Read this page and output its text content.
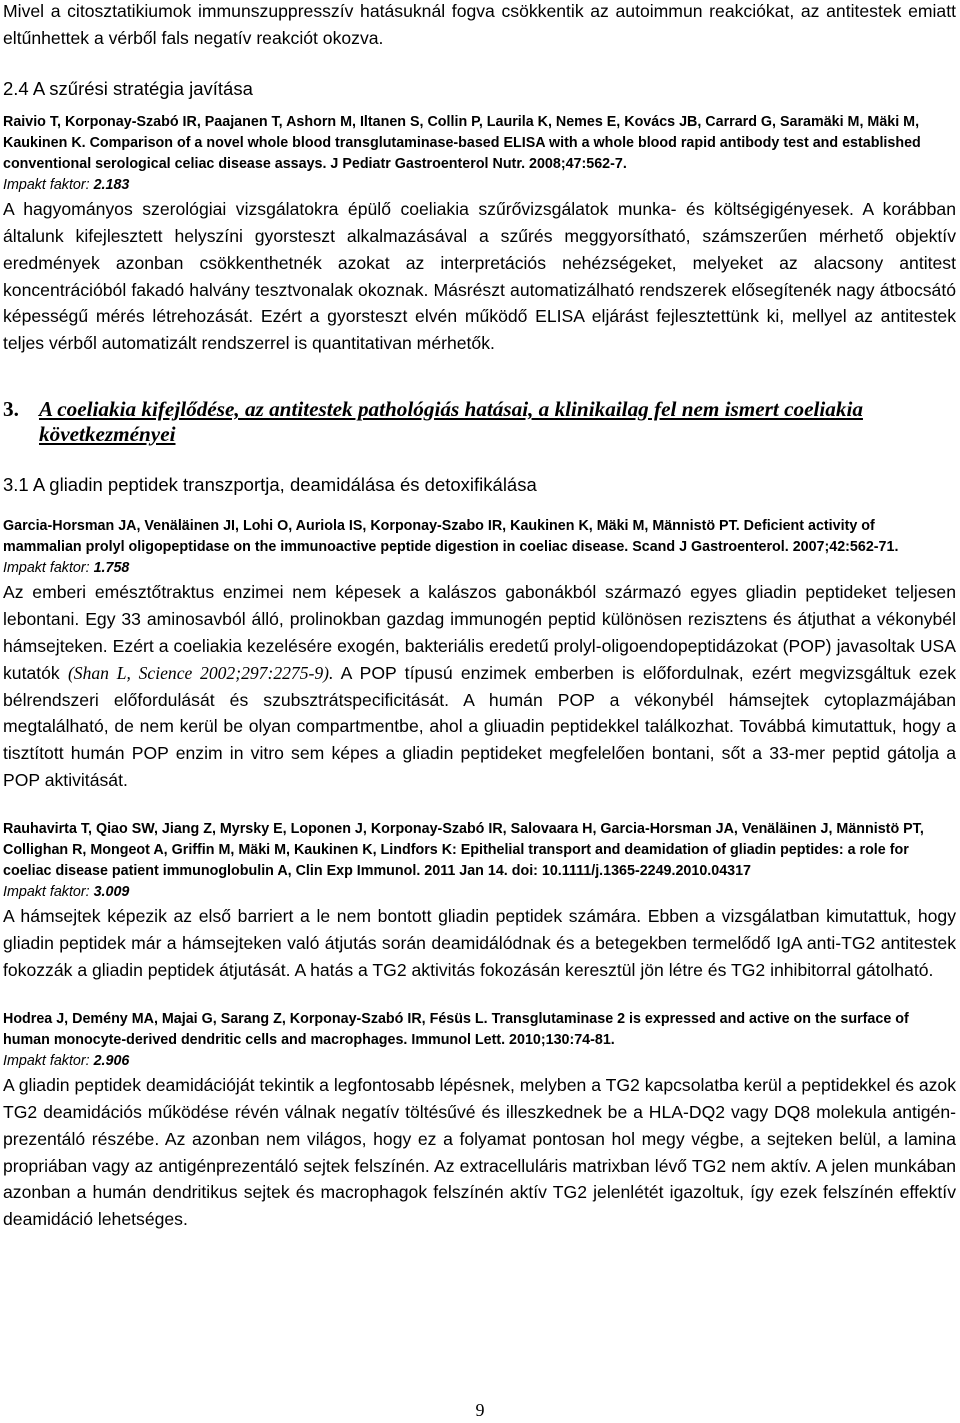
Mivel a citosztatikiumok immunszuppresszív hatásuknál fogva csökkentik az autoimmun reakciókat, az antitestek emiatt eltűnhettek a vérből fals negatív reakciót okozva.

2.4 A szűrési stratégia javítása

Raivio T, Korponay-Szabó IR, Paajanen T, Ashorn M, Iltanen S, Collin P, Laurila K, Nemes E, Kovács JB, Carrard G, Saramäki M, Mäki M, Kaukinen K. Comparison of a novel whole blood transglutaminase-based ELISA with a whole blood rapid antibody test and established conventional serological celiac disease assays. J Pediatr Gastroenterol Nutr. 2008;47:562-7.

Impakt faktor: 2.183

A hagyományos szerológiai vizsgálatokra épülő coeliakia szűrővizsgálatok munka- és költségigényesek. A korábban általunk kifejlesztett helyszíni gyorsteszt alkalmazásával a szűrés meggyorsítható, számszerűen mérhető objektív eredmények azonban csökkenthetnék azokat az interpretációs nehézségeket, melyeket az alacsony antitest koncentrációból fakadó halvány tesztvonalak okoznak. Másrészt automatizálható rendszerek elősegítenék nagy átbocsátó képességű mérés létrehozását. Ezért a gyorsteszt elvén működő ELISA eljárást fejlesztettünk ki, mellyel az antitestek teljes vérből automatizált rendszerrel is quantitativan mérhetők.

3. A coeliakia kifejlődése, az antitestek pathológiás hatásai, a klinikailag fel nem ismert coeliakia következményei

3.1 A gliadin peptidek transzportja, deamidálása és detoxifikálása

Garcia-Horsman JA, Venäläinen JI, Lohi O, Auriola IS, Korponay-Szabo IR, Kaukinen K, Mäki M, Männistö PT. Deficient activity of mammalian prolyl oligopeptidase on the immunoactive peptide digestion in coeliac disease. Scand J Gastroenterol. 2007;42:562-71.

Impakt faktor: 1.758

Az emberi emésztőtraktus enzimei nem képesek a kalászos gabonákból származó egyes gliadin peptideket teljesen lebontani. Egy 33 aminosavból álló, prolinokban gazdag immunogén peptid különösen rezisztens és átjuthat a vékonybél hámsejteken. Ezért a coeliakia kezelésére exogén, bakteriális eredetű prolyl-oligoendopeptidázokat (POP) javasoltak USA kutatók (Shan L, Science 2002;297:2275-9). A POP típusú enzimek emberben is előfordulnak, ezért megvizsgáltuk ezek bélrendszeri előfordulását és szubsztrátspecificitását. A humán POP a vékonybél hámsejtek cytoplazmájában megtalálható, de nem kerül be olyan compartmentbe, ahol a gliuadin peptidekkel találkozhat. Továbbá kimutattuk, hogy a tisztított humán POP enzim in vitro sem képes a gliadin peptideket megfelelően bontani, sőt a 33-mer peptid gátolja a POP aktivitását.

Rauhavirta T, Qiao SW, Jiang Z, Myrsky E, Loponen J, Korponay-Szabó IR, Salovaara H, Garcia-Horsman JA, Venäläinen J, Männistö PT, Collighan R, Mongeot A, Griffin M, Mäki M, Kaukinen K, Lindfors K: Epithelial transport and deamidation of gliadin peptides: a role for coeliac disease patient immunoglobulin A, Clin Exp Immunol. 2011 Jan 14. doi: 10.1111/j.1365-2249.2010.04317

Impakt faktor: 3.009

A hámsejtek képezik az első barriert a le nem bontott gliadin peptidek számára. Ebben a vizsgálatban kimutattuk, hogy gliadin peptidek már a hámsejteken való átjutás során deamidálódnak és a betegekben termelődő IgA anti-TG2 antitestek fokozzák a gliadin peptidek átjutását. A hatás a TG2 aktivitás fokozásán keresztül jön létre és TG2 inhibitorral gátolható.

Hodrea J, Demény MA, Majai G, Sarang Z, Korponay-Szabó IR, Fésüs L. Transglutaminase 2 is expressed and active on the surface of human monocyte-derived dendritic cells and macrophages. Immunol Lett. 2010;130:74-81.

Impakt faktor: 2.906

A gliadin peptidek deamidációját tekintik a legfontosabb lépésnek, melyben a TG2 kapcsolatba kerül a peptidekkel és azok TG2 deamidációs működése révén válnak negatív töltésűvé és illeszkednek be a HLA-DQ2 vagy DQ8 molekula antigén-prezentáló részébe. Az azonban nem világos, hogy ez a folyamat pontosan hol megy végbe, a sejteken belül, a lamina propriában vagy az antigénprezentáló sejtek felszínén. Az extracelluláris matrixban lévő TG2 nem aktív. A jelen munkában azonban a humán dendritikus sejtek és macrophagok felszínén aktív TG2 jelenlétét igazoltuk, így ezek felszínén effektív deamidáció lehetséges.

9
